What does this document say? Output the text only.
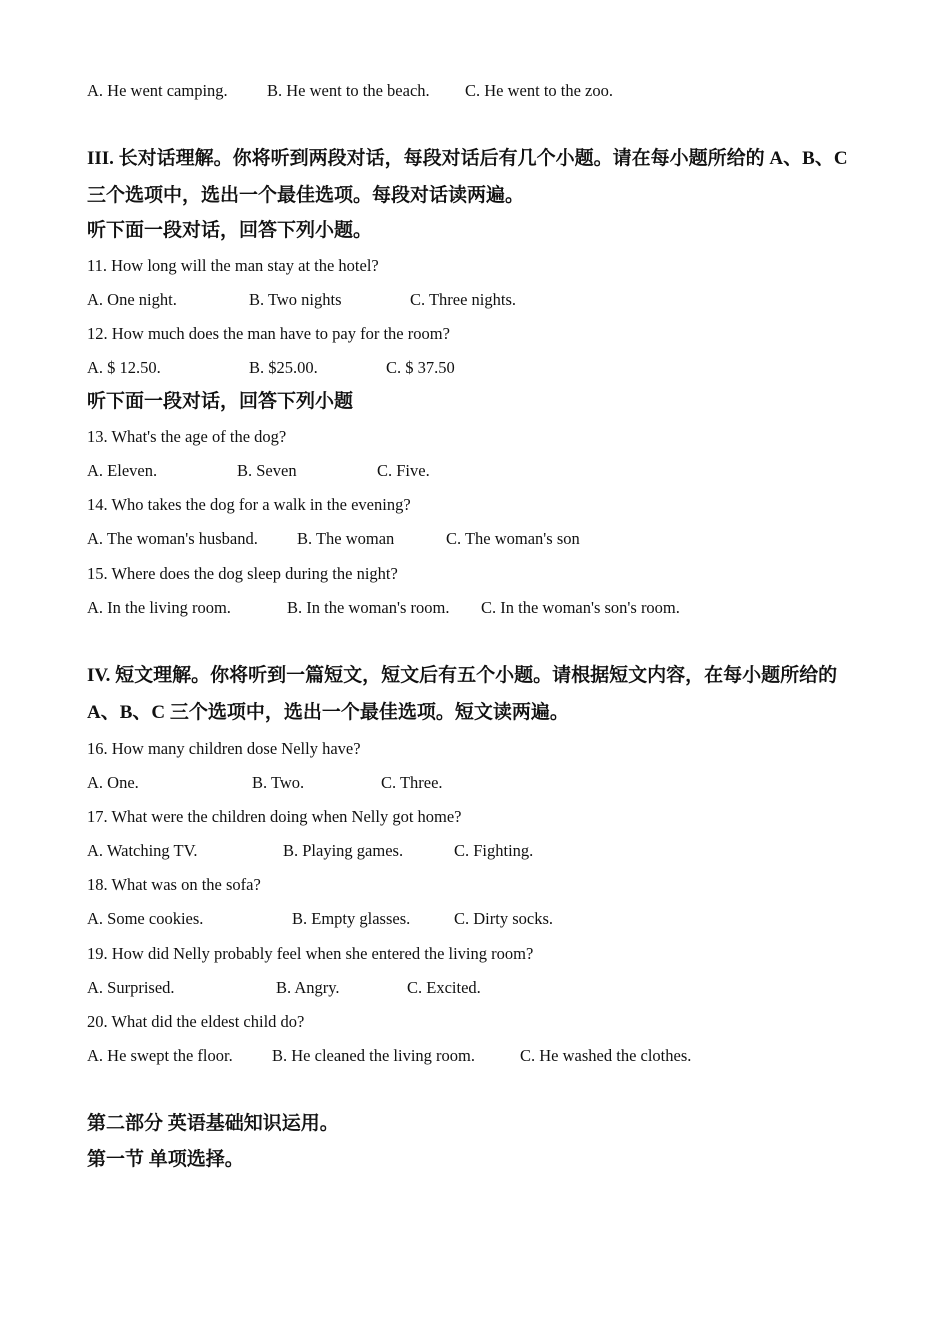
A. He went camping. B. He went to the beach. C. He went to the zoo.
III. 长对话理解。你将听到两段对话，每段对话后有几个小题。请在每小题所给的 A、B、C
三个选项中，选出一个最佳选项。每段对话读两遍。
听下面一段对话，回答下列小题。
11. How long will the man stay at the hotel?
A. One night.	B. Two nights	C. Three nights.
12. How much does the man have to pay for the room?
A. $ 12.50.	B. $25.00.	C. $ 37.50
听下面一段对话，回答下列小题
13. What's the age of the dog?
A. Eleven.	B. Seven	C. Five.
14. Who takes the dog for a walk in the evening?
A. The woman's husband. B. The woman	C. The woman's son
15. Where does the dog sleep during the night?
A. In the living room.	B. In the woman's room. C. In the woman's son's room.
IV. 短文理解。你将听到一篇短文，短文后有五个小题。请根据短文内容，在每小题所给的
A、B、C 三个选项中，选出一个最佳选项。短文读两遍。
16. How many children dose Nelly have?
A. One.	B. Two.	C. Three.
17. What were the children doing when Nelly got home?
A. Watching TV.	B. Playing games.	C. Fighting.
18. What was on the sofa?
A. Some cookies.	B. Empty glasses.	C. Dirty socks.
19. How did Nelly probably feel when she entered the living room?
A. Surprised.	B. Angry.	C. Excited.
20. What did the eldest child do?
A. He swept the floor. B. He cleaned the living room.	C. He washed the clothes.
第二部分 英语基础知识运用。
第一节 单项选择。
